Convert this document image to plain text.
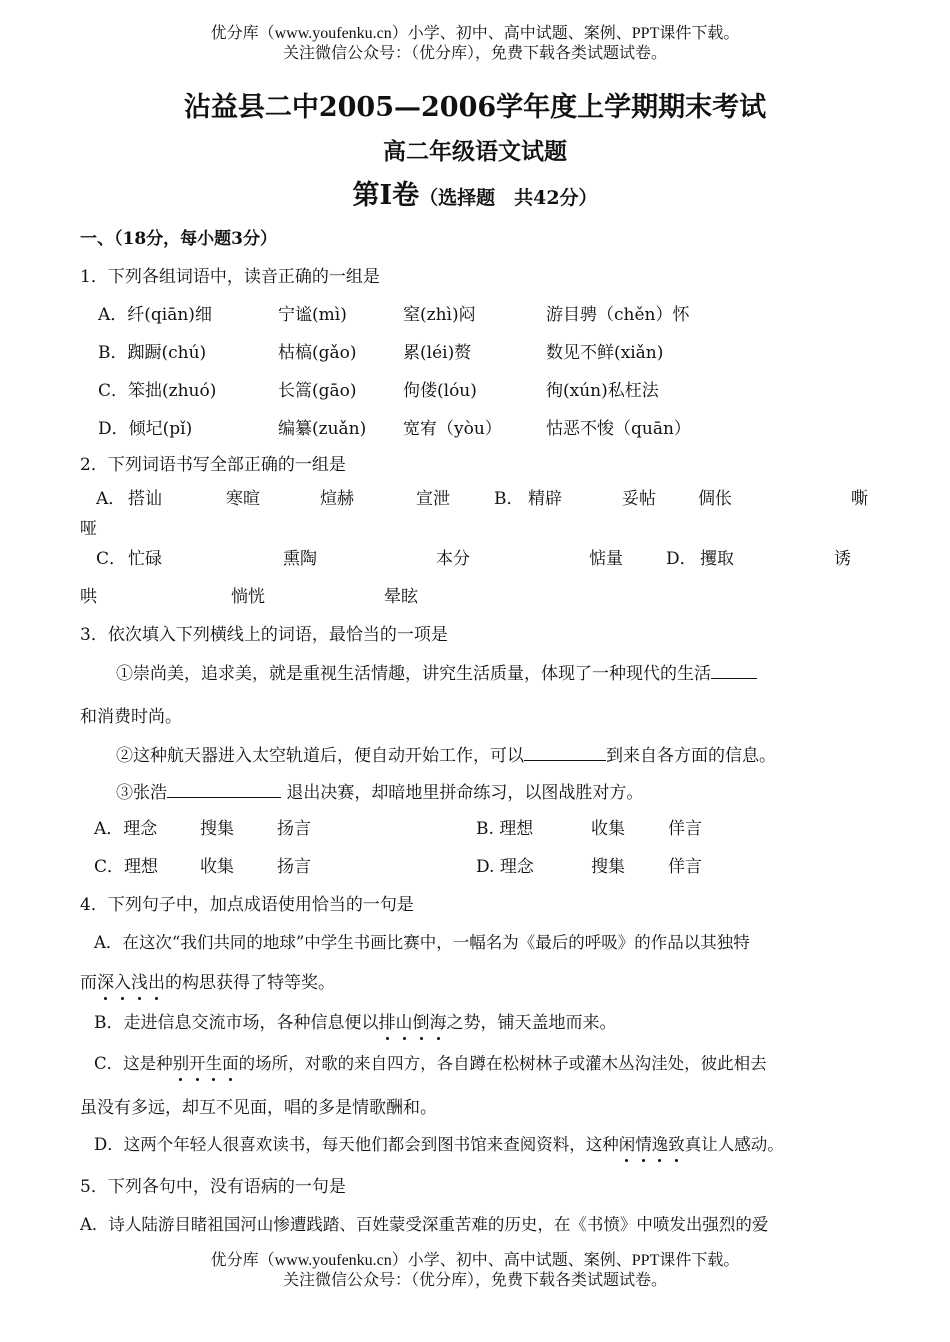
优分库（www.youfenku.cn）小学、初中、高中试题、案例、PPT课件下载。
关注微信公众号：（优分库），免费下载各类试题试卷。
沾益县二中2005—2006学年度上学期期末考试
高二年级语文试题
第Ⅰ卷（选择题　共42分）
一、（18分，每小题3分）
1．下列各组词语中，读音正确的一组是
A．纤(qiān)细	宁谧(mì)	窒(zhì)闷	游目骋（chěn）怀
B．踟蹰(chú)	枯槁(gǎo)	累(léi)赘	数见不鲜(xiǎn)
C．笨拙(zhuó)	长篙(gāo)	佝偻(lóu)	徇(xún)私枉法
D．倾圮(pǐ)	编纂(zuǎn) 宽宥（yòu）	怙恶不悛（quān）
2．下列词语书写全部正确的一组是
A． 搭讪	寒暄	煊赫	宣泄	B． 精辟	妥帖 倜伥	嘶
哑
C． 忙碌	熏陶	本分	惦量	D． 攫取	诱
哄	惝恍	晕眩
3．依次填入下列横线上的词语，最恰当的一项是
①崇尚美，追求美，就是重视生活情趣，讲究生活质量，体现了一种现代的生活
和消费时尚。
②这种航天器进入太空轨道后，便自动开始工作，可以	到来自各方面的信息。
③张浩	退出决赛，却暗地里拼命练习，以图战胜对方。
A．理念	搜集	扬言	B. 理想	收集	佯言
C．理想 收集	扬言	D. 理念	搜集	佯言
4．下列句子中，加点成语使用恰当的一句是
A．在这次“我们共同的地球”中学生书画比赛中，一幅名为《最后的呼吸》的作品以其独特
而深入浅出的构思获得了特等奖。
B．走进信息交流市场，各种信息便以排山倒海之势，铺天盖地而来。
C．这是种别开生面的场所，对歌的来自四方，各自蹲在松树林子或灌木丛沟洼处，彼此相去
虽没有多远，却互不见面，唱的多是情歌酬和。
D．这两个年轻人很喜欢读书，每天他们都会到图书馆来查阅资料，这种闲情逸致真让人感动。
5．下列各句中，没有语病的一句是
A．诗人陆游目睹祖国河山惨遭践踏、百姓蒙受深重苦难的历史，在《书愤》中喷发出强烈的爱
优分库（www.youfenku.cn）小学、初中、高中试题、案例、PPT课件下载。
关注微信公众号：（优分库），免费下载各类试题试卷。
